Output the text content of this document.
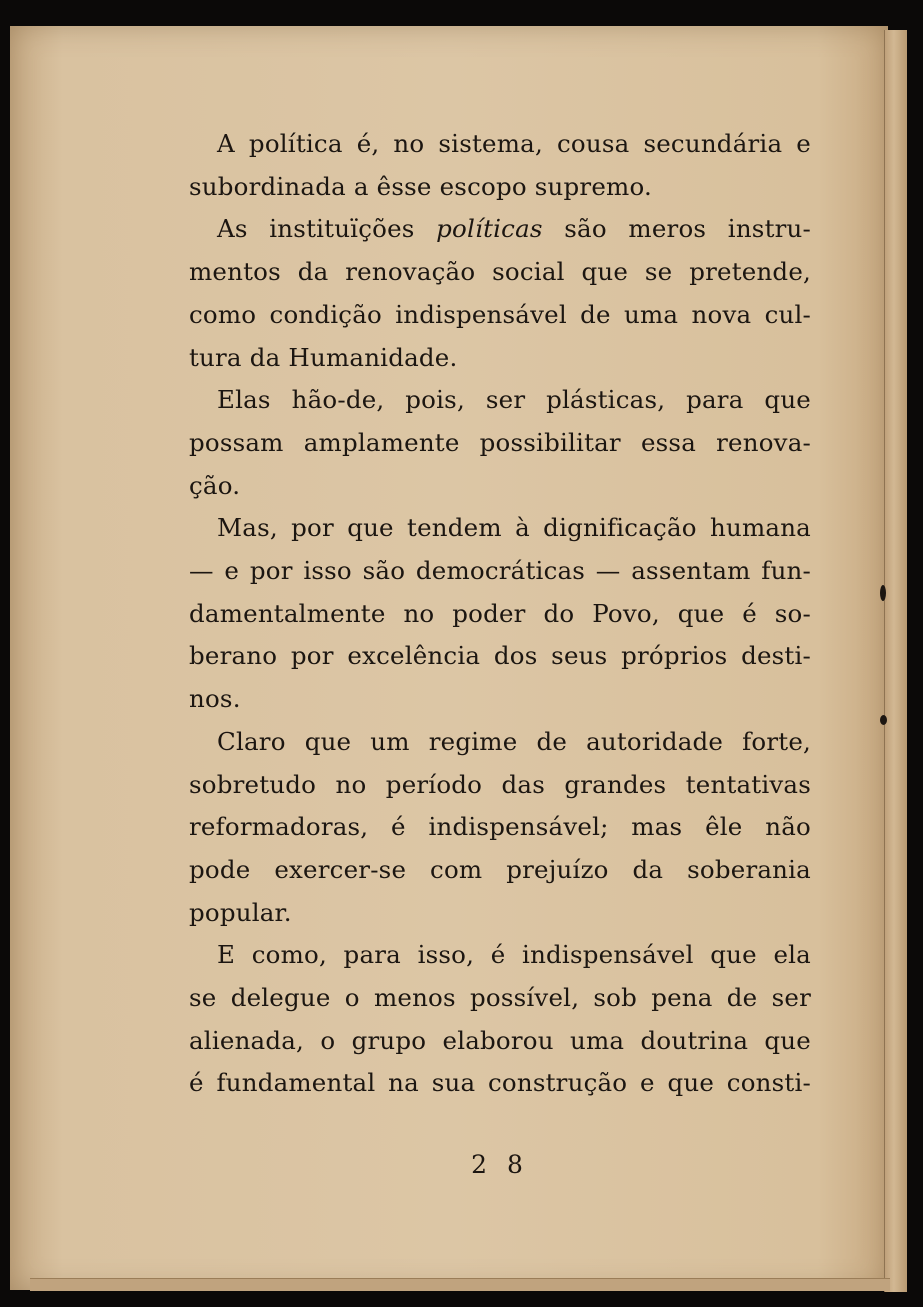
A política é, no sistema, cousa secundária e
subordinada a êsse escopo supremo.
As instituïções políticas são meros instru-
mentos da renovação social que se pretende,
como condição indispensável de uma nova cul-
tura da Humanidade.
Elas hão-de, pois, ser plásticas, para que
possam amplamente possibilitar essa renova-
ção.
Mas, por que tendem à dignificação humana
— e por isso são democráticas — assentam fun-
damentalmente no poder do Povo, que é so-
berano por excelência dos seus próprios desti-
nos.
Claro que um regime de autoridade forte,
sobretudo no período das grandes tentativas
reformadoras, é indispensável; mas êle não
pode exercer-se com prejuízo da soberania
popular.
E como, para isso, é indispensável que ela
se delegue o menos possível, sob pena de ser
alienada, o grupo elaborou uma doutrina que
é fundamental na sua construção e que consti-
2 8
